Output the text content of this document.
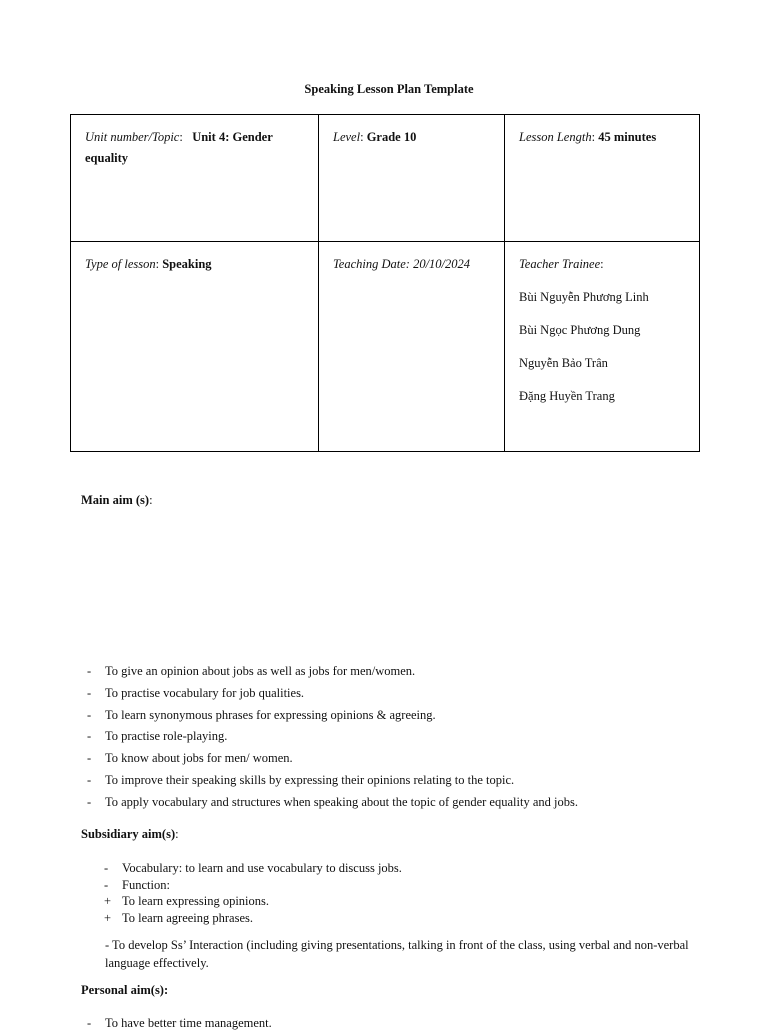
Speaking Lesson Plan Template
Unit number/Topic:   Unit 4: Gender equality	Level: Grade 10	Lesson Length: 45 minutes
Type of lesson: Speaking	Teaching Date: 20/10/2024	Teacher Trainee:
Bùi Nguyễn Phương Linh
Bùi Ngọc Phương Dung
Nguyễn Bảo Trân
Đặng Huyền Trang
Main aim (s):
- To give an opinion about jobs as well as jobs for men/women.
- To practise vocabulary for job qualities.
- To learn synonymous phrases for expressing opinions & agreeing.
- To practise role-playing.
- To know about jobs for men/ women.
- To improve their speaking skills by expressing their opinions relating to the topic.
- To apply vocabulary and structures when speaking about the topic of gender equality and jobs.
Subsidiary aim(s):
- Vocabulary: to learn and use vocabulary to discuss jobs.
- Function:
+ To learn expressing opinions.
+ To learn agreeing phrases.
- To develop Ss’ Interaction (including giving presentations, talking in front of the class, using verbal and non-verbal language effectively.
Personal aim(s):
- To have better time management.
